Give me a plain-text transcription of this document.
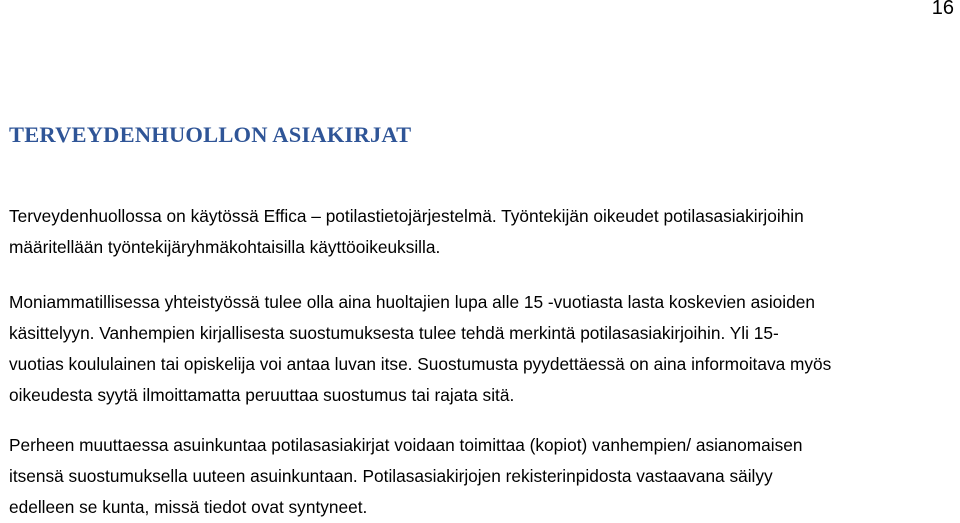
16
TERVEYDENHUOLLON ASIAKIRJAT

Terveydenhuollossa on käytössä Effica – potilastietojärjestelmä. Työntekijän oikeudet potilasasiakirjoihin
määritellään työntekijäryhmäkohtaisilla käyttöoikeuksilla.

Moniammatillisessa yhteistyössä tulee olla aina huoltajien lupa alle 15 -vuotiasta lasta koskevien asioiden
käsittelyyn. Vanhempien kirjallisesta suostumuksesta tulee tehdä merkintä potilasasiakirjoihin. Yli 15-
vuotias koululainen tai opiskelija voi antaa luvan itse. Suostumusta pyydettäessä on aina informoitava myös
oikeudesta syytä ilmoittamatta peruuttaa suostumus tai rajata sitä.

Perheen muuttaessa asuinkuntaa potilasasiakirjat voidaan toimittaa (kopiot) vanhempien/ asianomaisen
itsensä suostumuksella uuteen asuinkuntaan. Potilasasiakirjojen rekisterinpidosta vastaavana säilyy
edelleen se kunta, missä tiedot ovat syntyneet.
